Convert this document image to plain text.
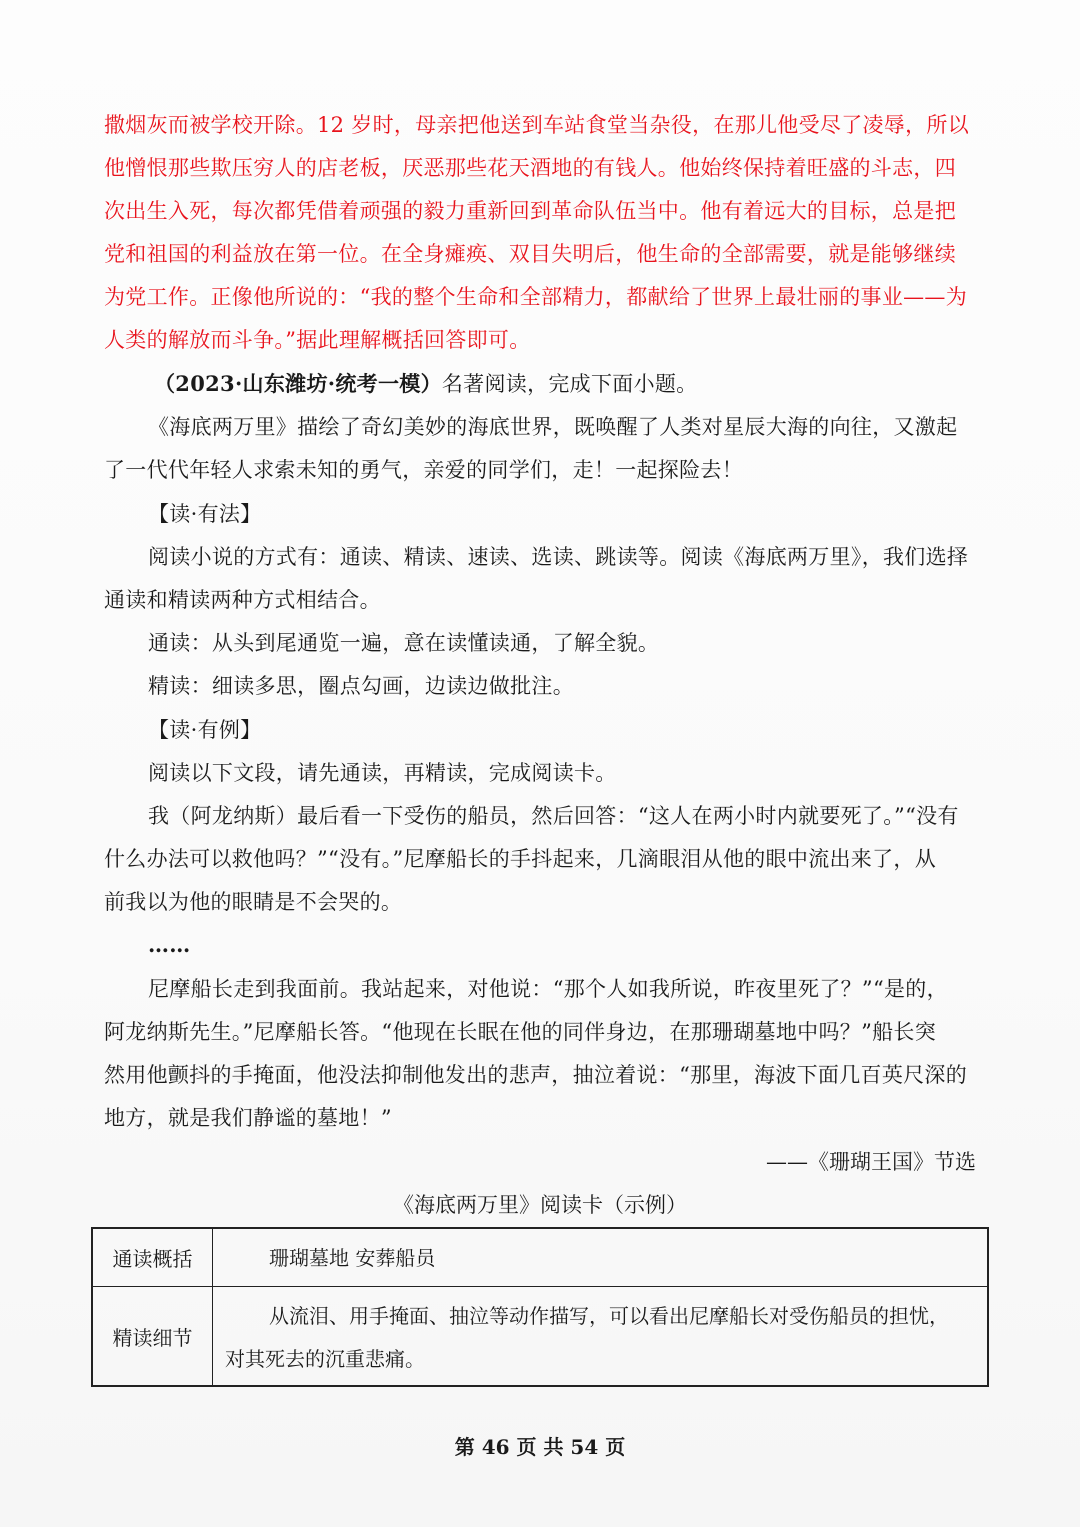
撒烟灰而被学校开除。12 岁时，母亲把他送到车站食堂当杂役，在那儿他受尽了凌辱，所以
他憎恨那些欺压穷人的店老板，厌恶那些花天酒地的有钱人。他始终保持着旺盛的斗志，四
次出生入死，每次都凭借着顽强的毅力重新回到革命队伍当中。他有着远大的目标，总是把
党和祖国的利益放在第一位。在全身瘫痪、双目失明后，他生命的全部需要，就是能够继续
为党工作。正像他所说的：“我的整个生命和全部精力，都献给了世界上最壮丽的事业——为
人类的解放而斗争。”据此理解概括回答即可。
（2023·山东潍坊·统考一模）名著阅读，完成下面小题。
《海底两万里》描绘了奇幻美妙的海底世界，既唤醒了人类对星辰大海的向往，又激起
了一代代年轻人求索未知的勇气，亲爱的同学们，走！一起探险去！
【读·有法】
阅读小说的方式有：通读、精读、速读、选读、跳读等。阅读《海底两万里》，我们选择
通读和精读两种方式相结合。
通读：从头到尾通览一遍，意在读懂读通，了解全貌。
精读：细读多思，圈点勾画，边读边做批注。
【读·有例】
阅读以下文段，请先通读，再精读，完成阅读卡。
我（阿龙纳斯）最后看一下受伤的船员，然后回答：“这人在两小时内就要死了。”“没有
什么办法可以救他吗？”“没有。”尼摩船长的手抖起来，几滴眼泪从他的眼中流出来了，从
前我以为他的眼睛是不会哭的。
……
尼摩船长走到我面前。我站起来，对他说：“那个人如我所说，昨夜里死了？”“是的，
阿龙纳斯先生。”尼摩船长答。“他现在长眠在他的同伴身边，在那珊瑚墓地中吗？”船长突
然用他颤抖的手掩面，他没法抑制他发出的悲声，抽泣着说：“那里，海波下面几百英尺深的
地方，就是我们静谧的墓地！”
——《珊瑚王国》节选
《海底两万里》阅读卡（示例）
通读概括	珊瑚墓地 安葬船员
精读细节
从流泪、用手掩面、抽泣等动作描写，可以看出尼摩船长对受伤船员的担忧，
对其死去的沉重悲痛。
第 46 页 共 54 页
